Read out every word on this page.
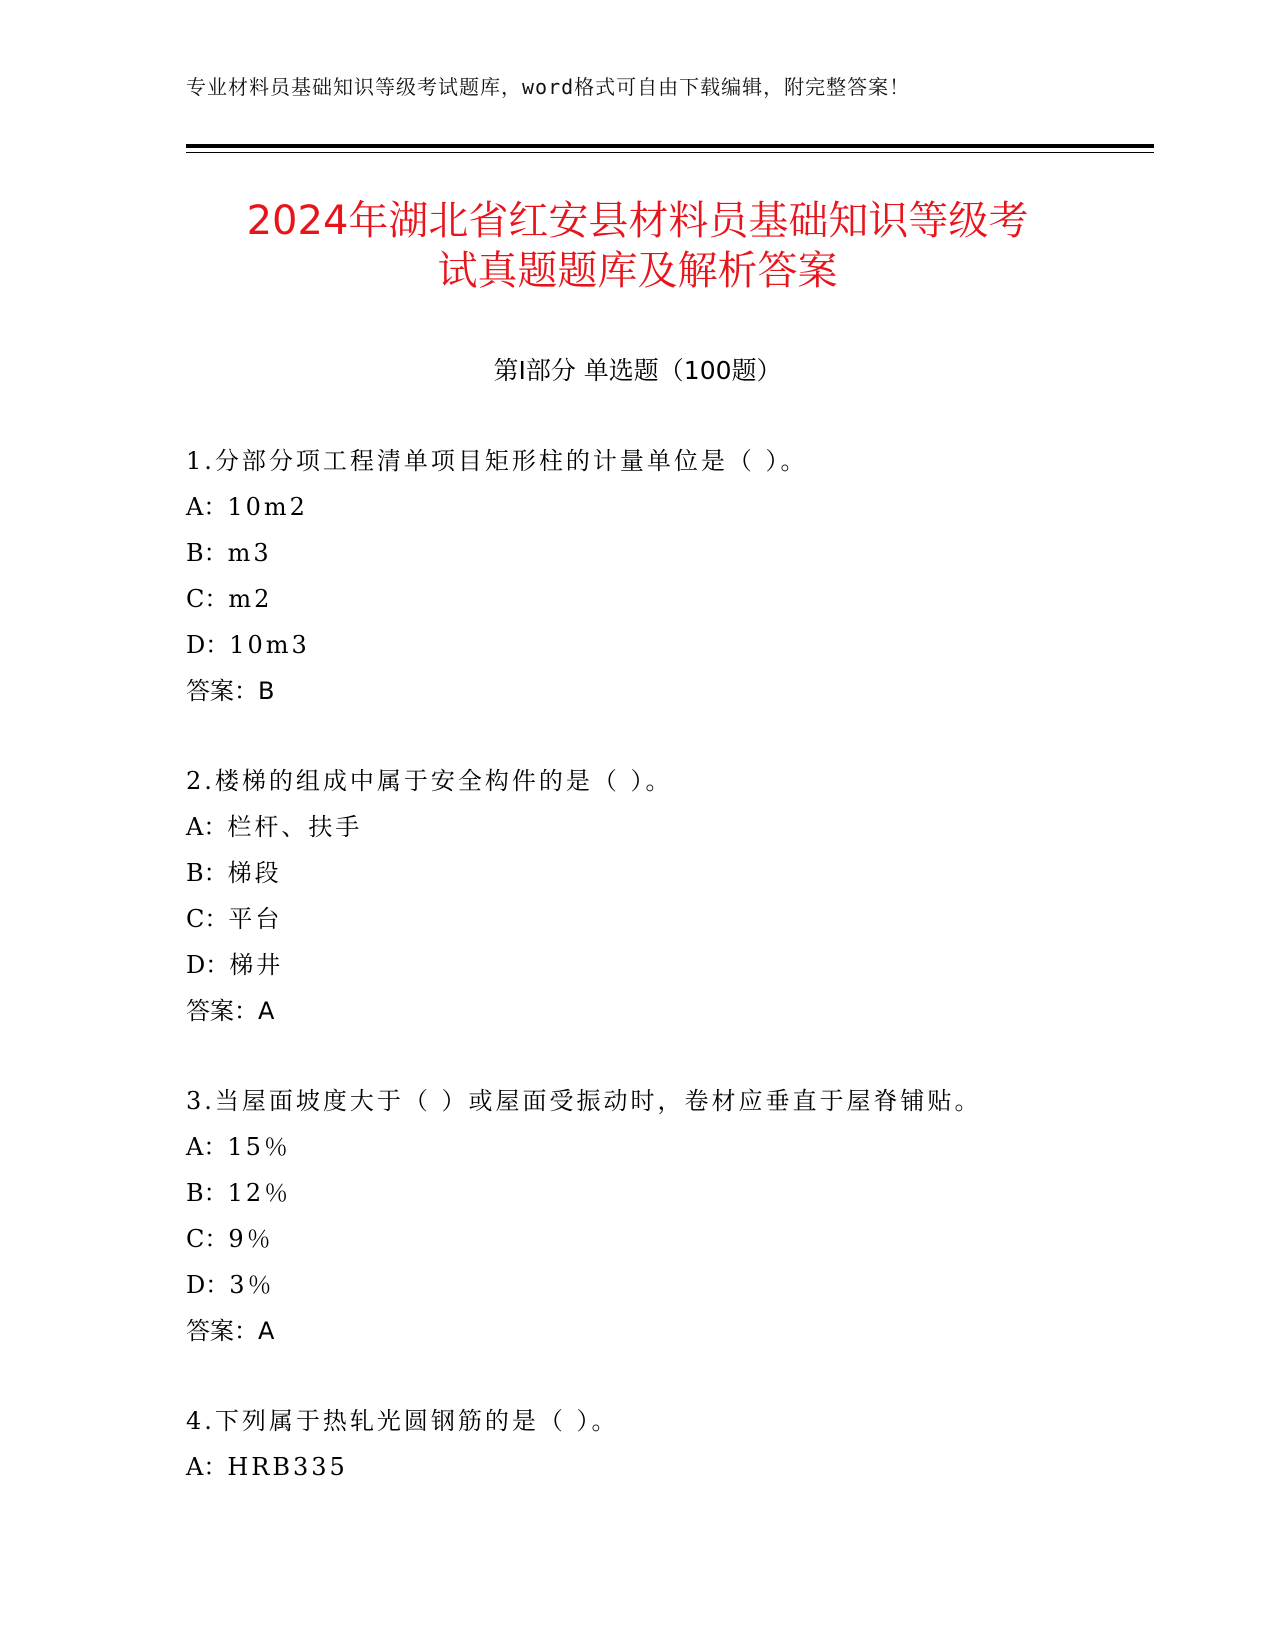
专业材料员基础知识等级考试题库，word格式可自由下载编辑，附完整答案！
2024年湖北省红安县材料员基础知识等级考
试真题题库及解析答案
第Ⅰ部分 单选题（100题）
1.分部分项工程清单项目矩形柱的计量单位是（ ）。
A：10m2
B：m3
C：m2
D：10m3
答案：B
2.楼梯的组成中属于安全构件的是（ ）。
A：栏杆、扶手
B：梯段
C：平台
D：梯井
答案：A
3.当屋面坡度大于（ ）或屋面受振动时，卷材应垂直于屋脊铺贴。
A：15％
B：12％
C：9％
D：3％
答案：A
4.下列属于热轧光圆钢筋的是（ ）。
A：HRB335
